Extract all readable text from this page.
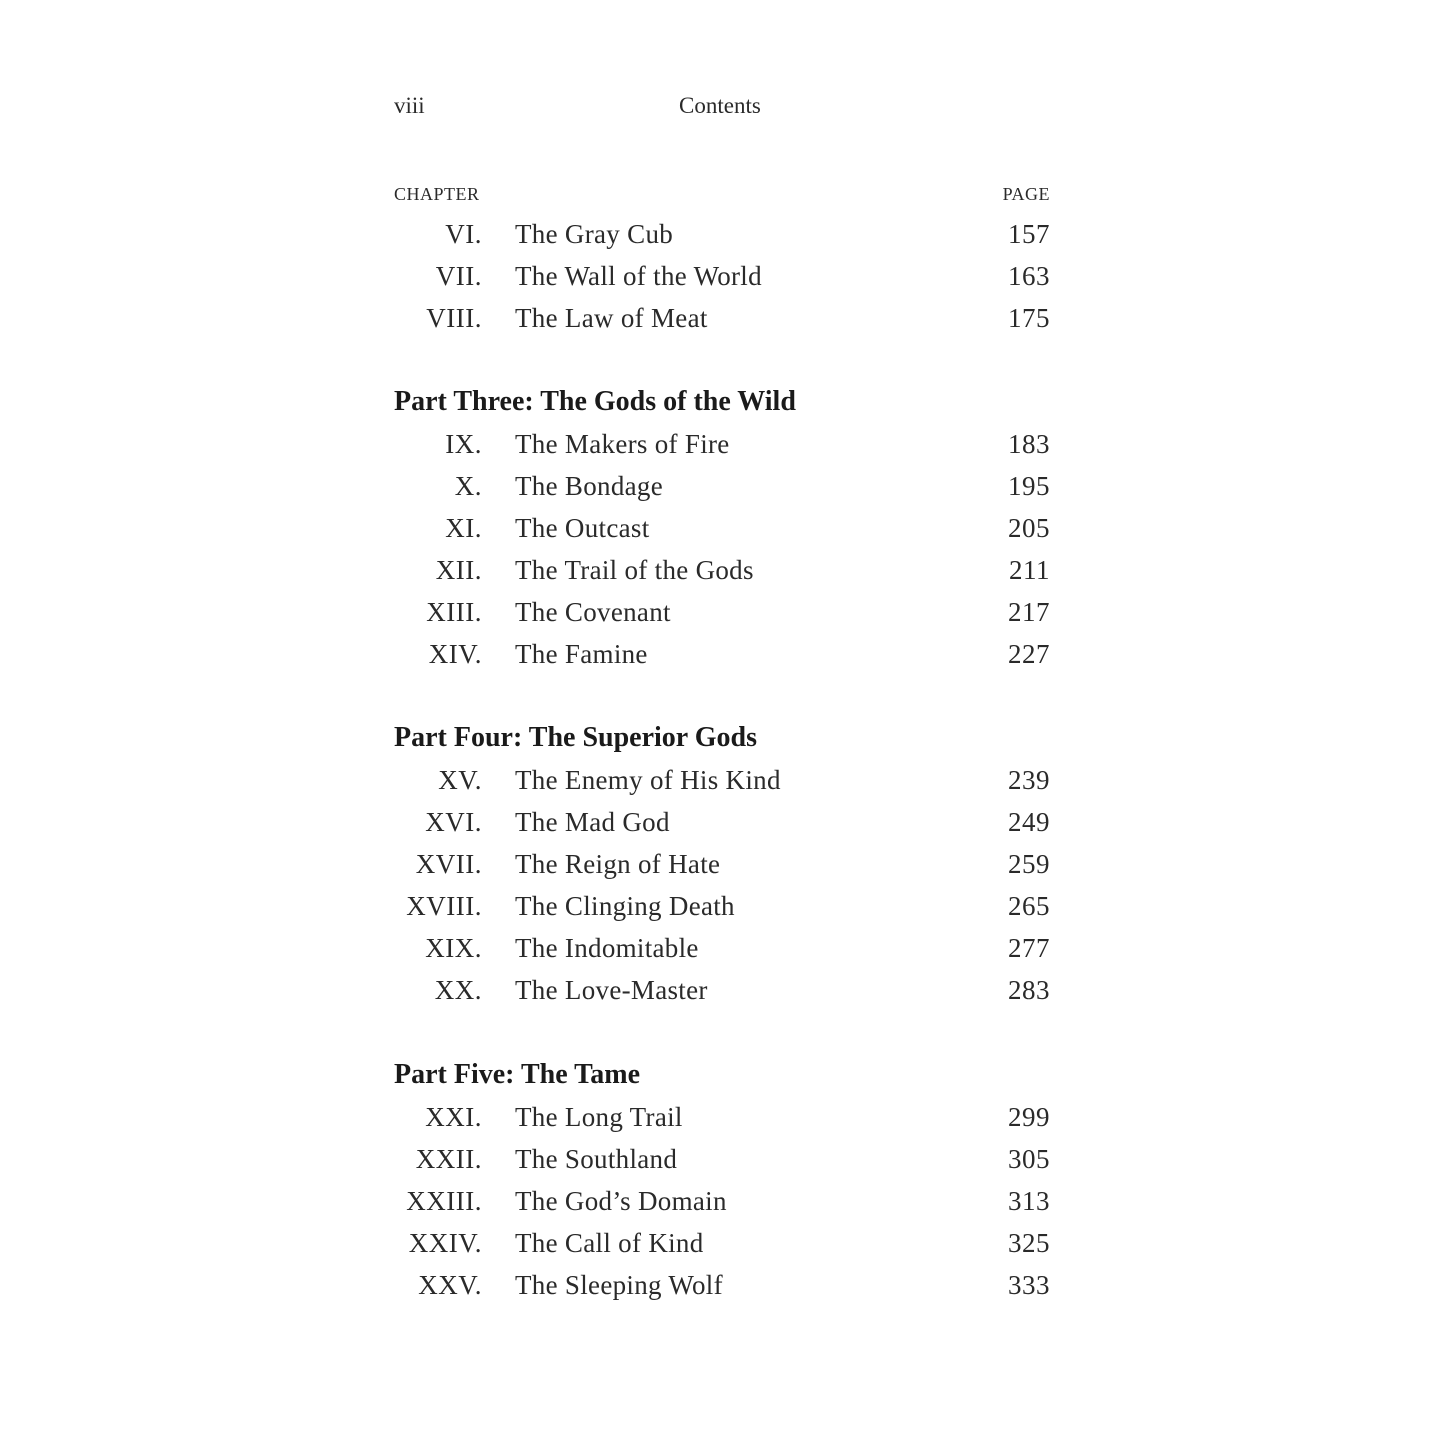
viii	Contents
CHAPTER	PAGE
VI. The Gray Cub	157
VII. The Wall of the World	163
VIII. The Law of Meat	175
Part Three: The Gods of the Wild
IX. The Makers of Fire	183
X. The Bondage	195
XI. The Outcast	205
XII. The Trail of the Gods	211
XIII. The Covenant	217
XIV. The Famine	227
Part Four: The Superior Gods
XV. The Enemy of His Kind	239
XVI. The Mad God	249
XVII. The Reign of Hate	259
XVIII. The Clinging Death	265
XIX. The Indomitable	277
XX. The Love-Master	283
Part Five: The Tame
XXI. The Long Trail	299
XXII. The Southland	305
XXIII. The God’s Domain	313
XXIV. The Call of Kind	325
XXV. The Sleeping Wolf	333
